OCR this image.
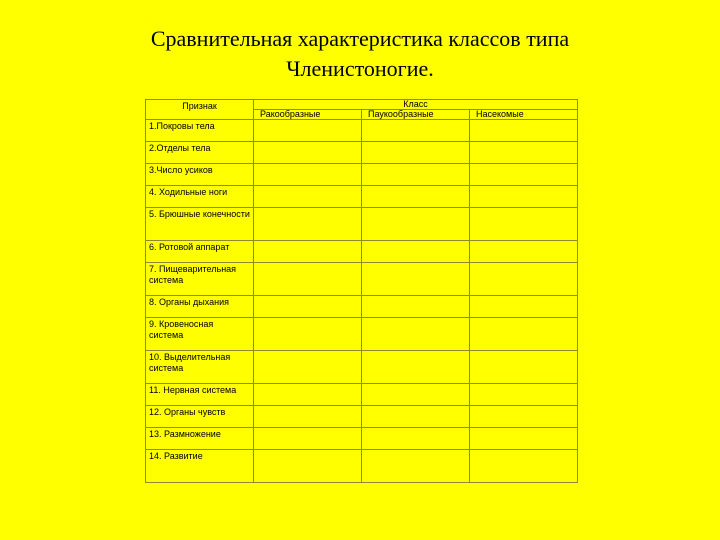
Сравнительная характеристика классов типа
Членистоногие.
Признак	Класс		
	Ракообразные	Паукообразные	Насекомые
1.Покровы тела			
2.Отделы тела			
3.Число усиков			
4. Ходильные ноги			
5. Брюшные конечности			
6. Ротовой аппарат			
7. Пищеварительная система			
8. Органы дыхания			
9. Кровеносная система			
10. Выделительная система			
11. Нервная система			
12. Органы чувств			
13. Размножение			
14. Развитие			
